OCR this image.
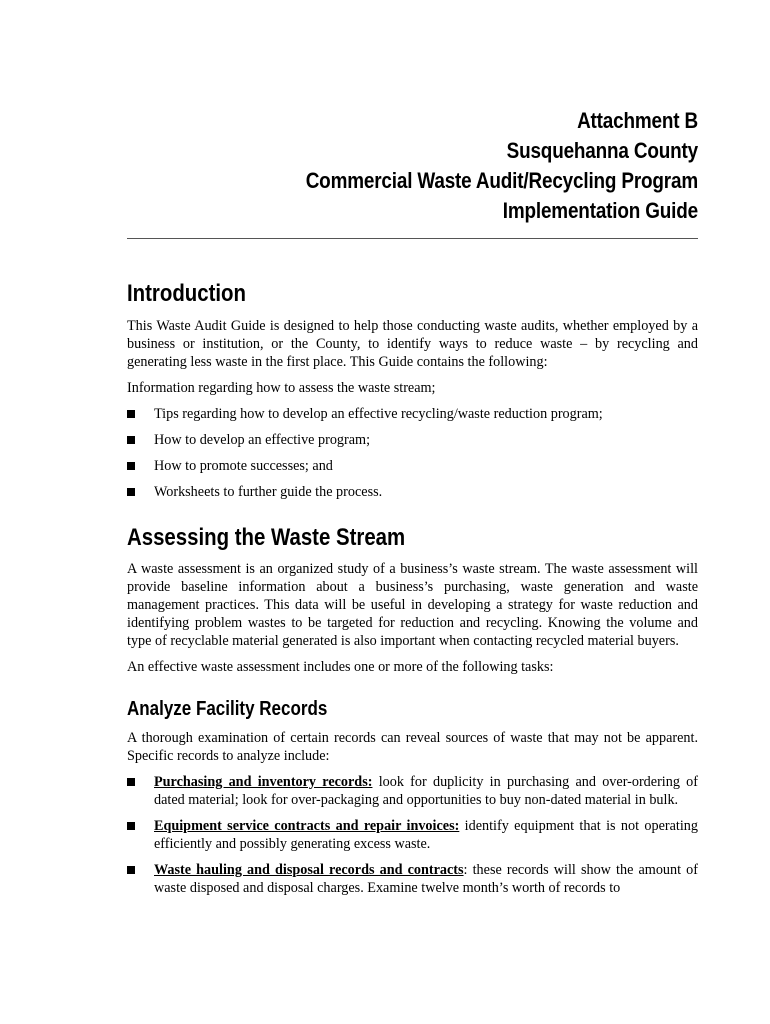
Attachment B
Susquehanna County
Commercial Waste Audit/Recycling Program
Implementation Guide
Introduction

This Waste Audit Guide is designed to help those conducting waste audits, whether employed by a business or institution, or the County, to identify ways to reduce waste – by recycling and generating less waste in the first place. This Guide contains the following:

Information regarding how to assess the waste stream;

Tips regarding how to develop an effective recycling/waste reduction program;
How to develop an effective program;
How to promote successes; and
Worksheets to further guide the process.
Assessing the Waste Stream

A waste assessment is an organized study of a business’s waste stream. The waste assessment will provide baseline information about a business’s purchasing, waste generation and waste management practices. This data will be useful in developing a strategy for waste reduction and identifying problem wastes to be targeted for reduction and recycling. Knowing the volume and type of recyclable material generated is also important when contacting recycled material buyers.

An effective waste assessment includes one or more of the following tasks:

Analyze Facility Records

A thorough examination of certain records can reveal sources of waste that may not be apparent. Specific records to analyze include:

Purchasing and inventory records: look for duplicity in purchasing and over-ordering of dated material; look for over-packaging and opportunities to buy non-dated material in bulk.
Equipment service contracts and repair invoices: identify equipment that is not operating efficiently and possibly generating excess waste.
Waste hauling and disposal records and contracts: these records will show the amount of waste disposed and disposal charges. Examine twelve month’s worth of records to
